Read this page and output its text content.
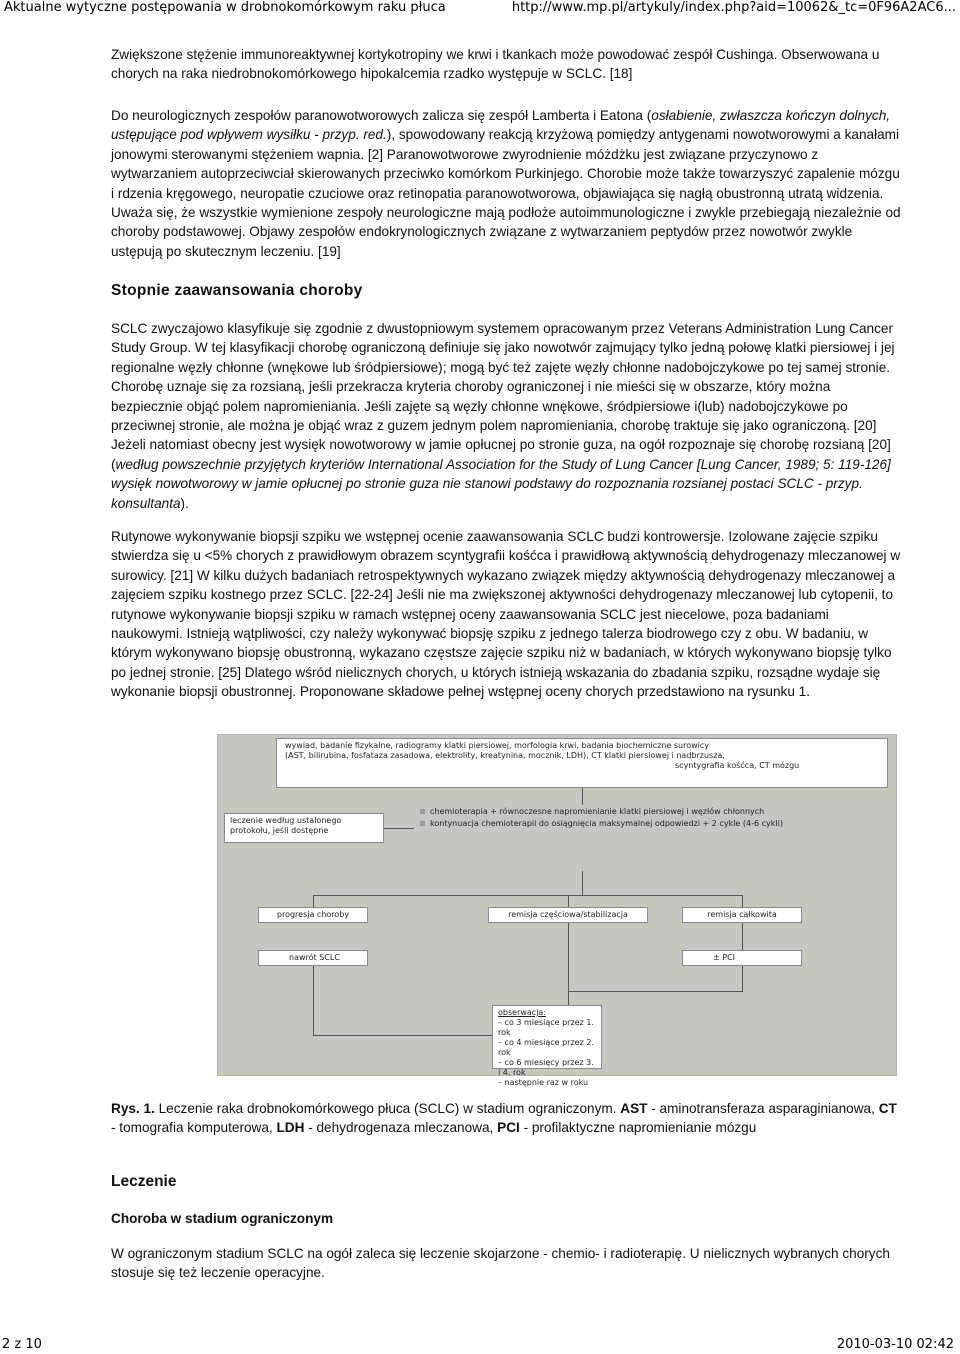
Aktualne wytyczne postępowania w drobnokomórkowym raku płuca	http://www.mp.pl/artykuly/index.php?aid=10062&_tc=0F96A2AC6...

Zwiększone stężenie immunoreaktywnej kortykotropiny we krwi i tkankach może powodować zespół Cushinga. Obserwowana u chorych na raka niedrobnokomórkowego hipokalcemia rzadko występuje w SCLC. [18]

Do neurologicznych zespołów paranowotworowych zalicza się zespół Lamberta i Eatona (osłabienie, zwłaszcza kończyn dolnych, ustępujące pod wpływem wysiłku - przyp. red.), spowodowany reakcją krzyżową pomiędzy antygenami nowotworowymi a kanałami jonowymi sterowanymi stężeniem wapnia. [2] Paranowotworowe zwyrodnienie móżdżku jest związane przyczynowo z wytwarzaniem autoprzeciwciał skierowanych przeciwko komórkom Purkinjego. Chorobie może także towarzyszyć zapalenie mózgu i rdzenia kręgowego, neuropatie czuciowe oraz retinopatia paranowotworowa, objawiająca się nagłą obustronną utratą widzenia. Uważa się, że wszystkie wymienione zespoły neurologiczne mają podłoże autoimmunologiczne i zwykle przebiegają niezależnie od choroby podstawowej. Objawy zespołów endokrynologicznych związane z wytwarzaniem peptydów przez nowotwór zwykle ustępują po skutecznym leczeniu. [19]

Stopnie zaawansowania choroby

SCLC zwyczajowo klasyfikuje się zgodnie z dwustopniowym systemem opracowanym przez Veterans Administration Lung Cancer Study Group. W tej klasyfikacji chorobę ograniczoną definiuje się jako nowotwór zajmujący tylko jedną połowę klatki piersiowej i jej regionalne węzły chłonne (wnękowe lub śródpiersiowe); mogą być też zajęte węzły chłonne nadobojczykowe po tej samej stronie. Chorobę uznaje się za rozsianą, jeśli przekracza kryteria choroby ograniczonej i nie mieści się w obszarze, który można bezpiecznie objąć polem napromieniania. Jeśli zajęte są węzły chłonne wnękowe, śródpiersiowe i(lub) nadobojczykowe po przeciwnej stronie, ale można je objąć wraz z guzem jednym polem napromieniania, chorobę traktuje się jako ograniczoną. [20] Jeżeli natomiast obecny jest wysięk nowotworowy w jamie opłucnej po stronie guza, na ogół rozpoznaje się chorobę rozsianą [20] (według powszechnie przyjętych kryteriów International Association for the Study of Lung Cancer [Lung Cancer, 1989; 5: 119-126] wysięk nowotworowy w jamie opłucnej po stronie guza nie stanowi podstawy do rozpoznania rozsianej postaci SCLC - przyp. konsultanta).

Rutynowe wykonywanie biopsji szpiku we wstępnej ocenie zaawansowania SCLC budzi kontrowersje. Izolowane zajęcie szpiku stwierdza się u <5% chorych z prawidłowym obrazem scyntygrafii kośćca i prawidłową aktywnością dehydrogenazy mleczanowej w surowicy. [21] W kilku dużych badaniach retrospektywnych wykazano związek między aktywnością dehydrogenazy mleczanowej a zajęciem szpiku kostnego przez SCLC. [22-24] Jeśli nie ma zwiększonej aktywności dehydrogenazy mleczanowej lub cytopenii, to rutynowe wykonywanie biopsji szpiku w ramach wstępnej oceny zaawansowania SCLC jest niecelowe, poza badaniami naukowymi. Istnieją wątpliwości, czy należy wykonywać biopsję szpiku z jednego talerza biodrowego czy z obu. W badaniu, w którym wykonywano biopsję obustronną, wykazano częstsze zajęcie szpiku niż w badaniach, w których wykonywano biopsję tylko po jednej stronie. [25] Dlatego wśród nielicznych chorych, u których istnieją wskazania do zbadania szpiku, rozsądne wydaje się wykonanie biopsji obustronnej. Proponowane składowe pełnej wstępnej oceny chorych przedstawiono na rysunku 1.

wywiad, badanie fizykalne, radiogramy klatki piersiowej, morfologia krwi, badania biochemiczne surowicy
(AST, bilirubina, fosfataza zasadowa, elektrolity, kreatynina, mocznik, LDH), CT klatki piersiowej i nadbrzusza,
scyntygrafia kośćca, CT mózgu
leczenie według ustalonego protokołu, jeśli dostępne
chemioterapia + równoczesne napromienianie klatki piersiowej i węzłów chłonnych
kontynuacja chemioterapii do osiągnięcia maksymalnej odpowiedzi + 2 cykle (4-6 cykli)
progresja choroby	remisja częściowa/stabilizacja	remisja całkowita
nawrót SCLC	± PCI
obserwacja:
– co 3 miesiące przez 1. rok
– co 4 miesiące przez 2. rok
– co 6 miesięcy przez 3. i 4. rok
– następnie raz w roku

Rys. 1. Leczenie raka drobnokomórkowego płuca (SCLC) w stadium ograniczonym. AST - aminotransferaza asparaginianowa, CT - tomografia komputerowa, LDH - dehydrogenaza mleczanowa, PCI - profilaktyczne napromienianie mózgu

Leczenie
Choroba w stadium ograniczonym

W ograniczonym stadium SCLC na ogół zaleca się leczenie skojarzone - chemio- i radioterapię. U nielicznych wybranych chorych stosuje się też leczenie operacyjne.

2 z 10	2010-03-10 02:42
